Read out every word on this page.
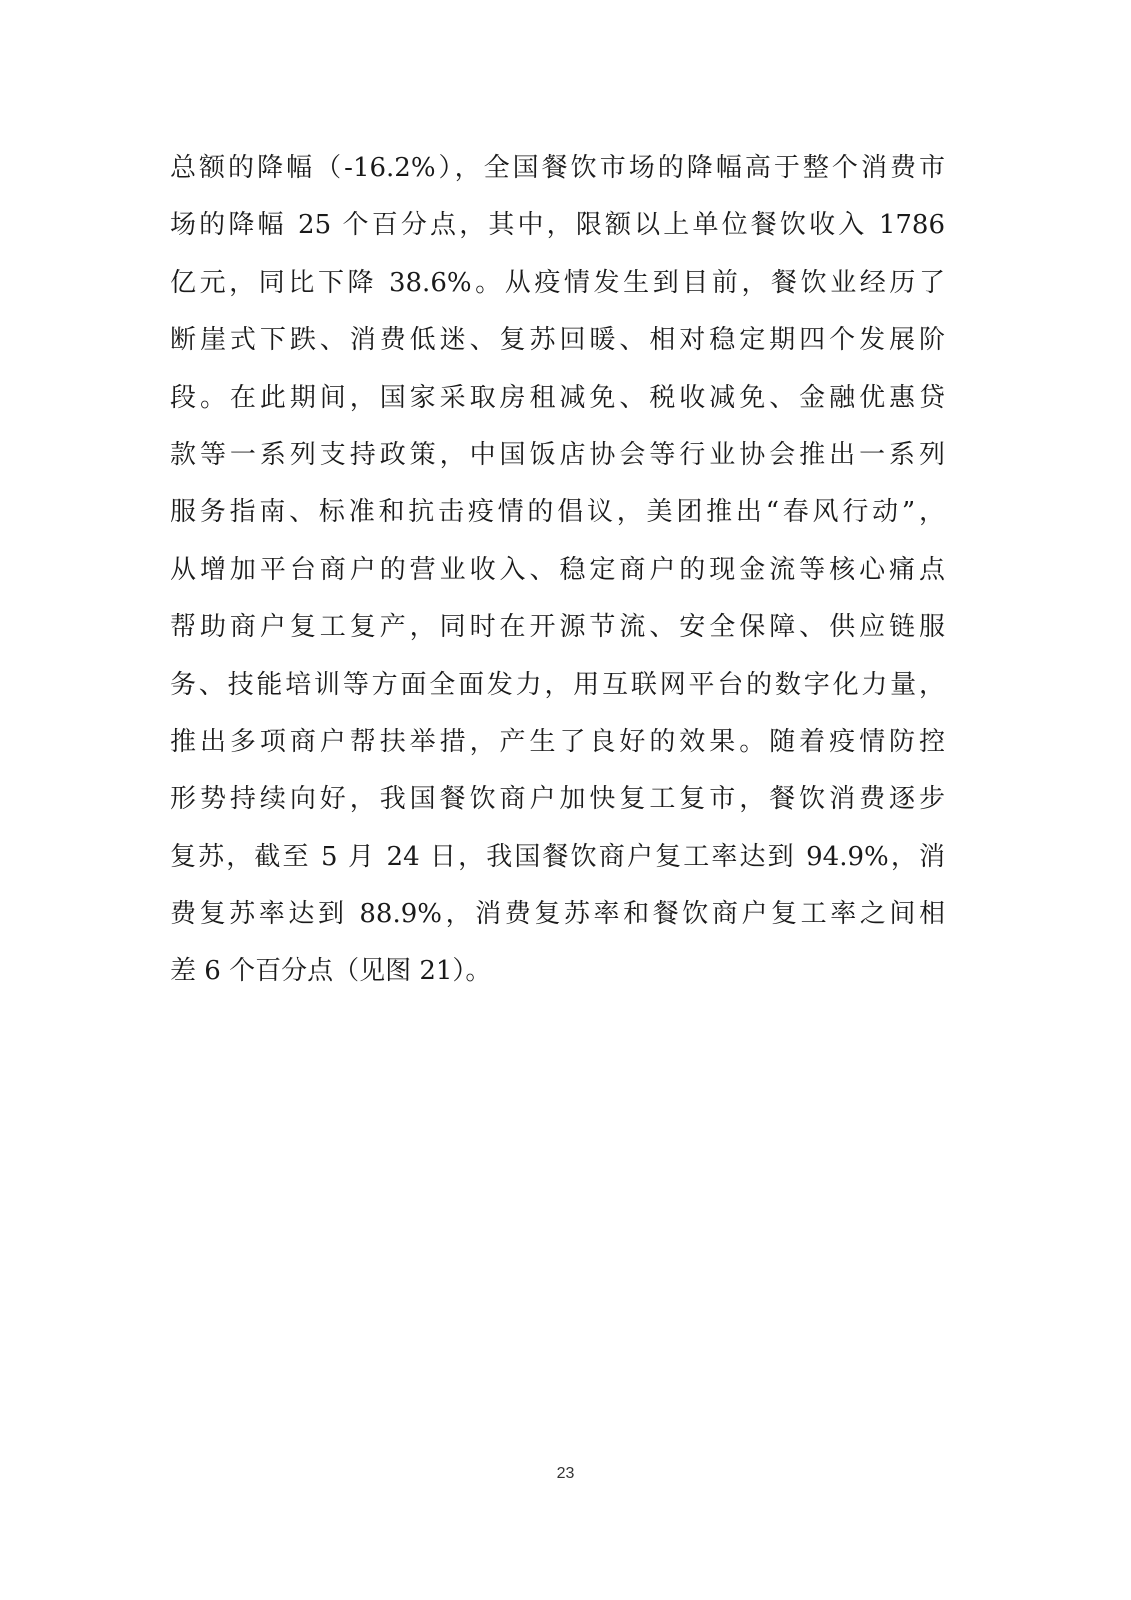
总额的降幅（-16.2%），全国餐饮市场的降幅高于整个消费市
场的降幅 25 个百分点，其中，限额以上单位餐饮收入 1786
亿元，同比下降 38.6%。从疫情发生到目前，餐饮业经历了
断崖式下跌、消费低迷、复苏回暖、相对稳定期四个发展阶
段。在此期间，国家采取房租减免、税收减免、金融优惠贷
款等一系列支持政策，中国饭店协会等行业协会推出一系列
服务指南、标准和抗击疫情的倡议，美团推出“春风行动”，
从增加平台商户的营业收入、稳定商户的现金流等核心痛点
帮助商户复工复产，同时在开源节流、安全保障、供应链服
务、技能培训等方面全面发力，用互联网平台的数字化力量，
推出多项商户帮扶举措，产生了良好的效果。随着疫情防控
形势持续向好，我国餐饮商户加快复工复市，餐饮消费逐步
复苏，截至 5 月 24 日，我国餐饮商户复工率达到 94.9%，消
费复苏率达到 88.9%，消费复苏率和餐饮商户复工率之间相
差 6 个百分点（见图 21）。
23
